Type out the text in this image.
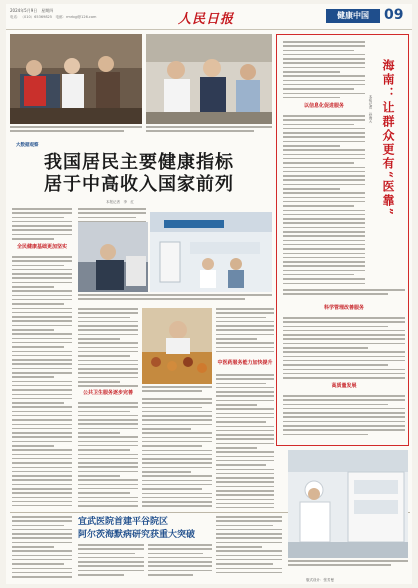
2024年5月9日　星期四
电话：（010）65369825　电邮：rmrbgj@126.com	人民日报	健康中国	09
大数据观察
我国居民主要健康指标
居于中高收入国家前列
本报记者　李　红
全民健康基础更加坚实
公共卫生服务逐步完善
中医药服务能力加快提升
海南：让群众更有“医靠”
本报记者　孙海天
以信息化促进服务
科学管理改善服务
高质量发展
宜武医院首建平谷院区
阿尔茨海默病研究获重大突破
版式设计：张芳曼
